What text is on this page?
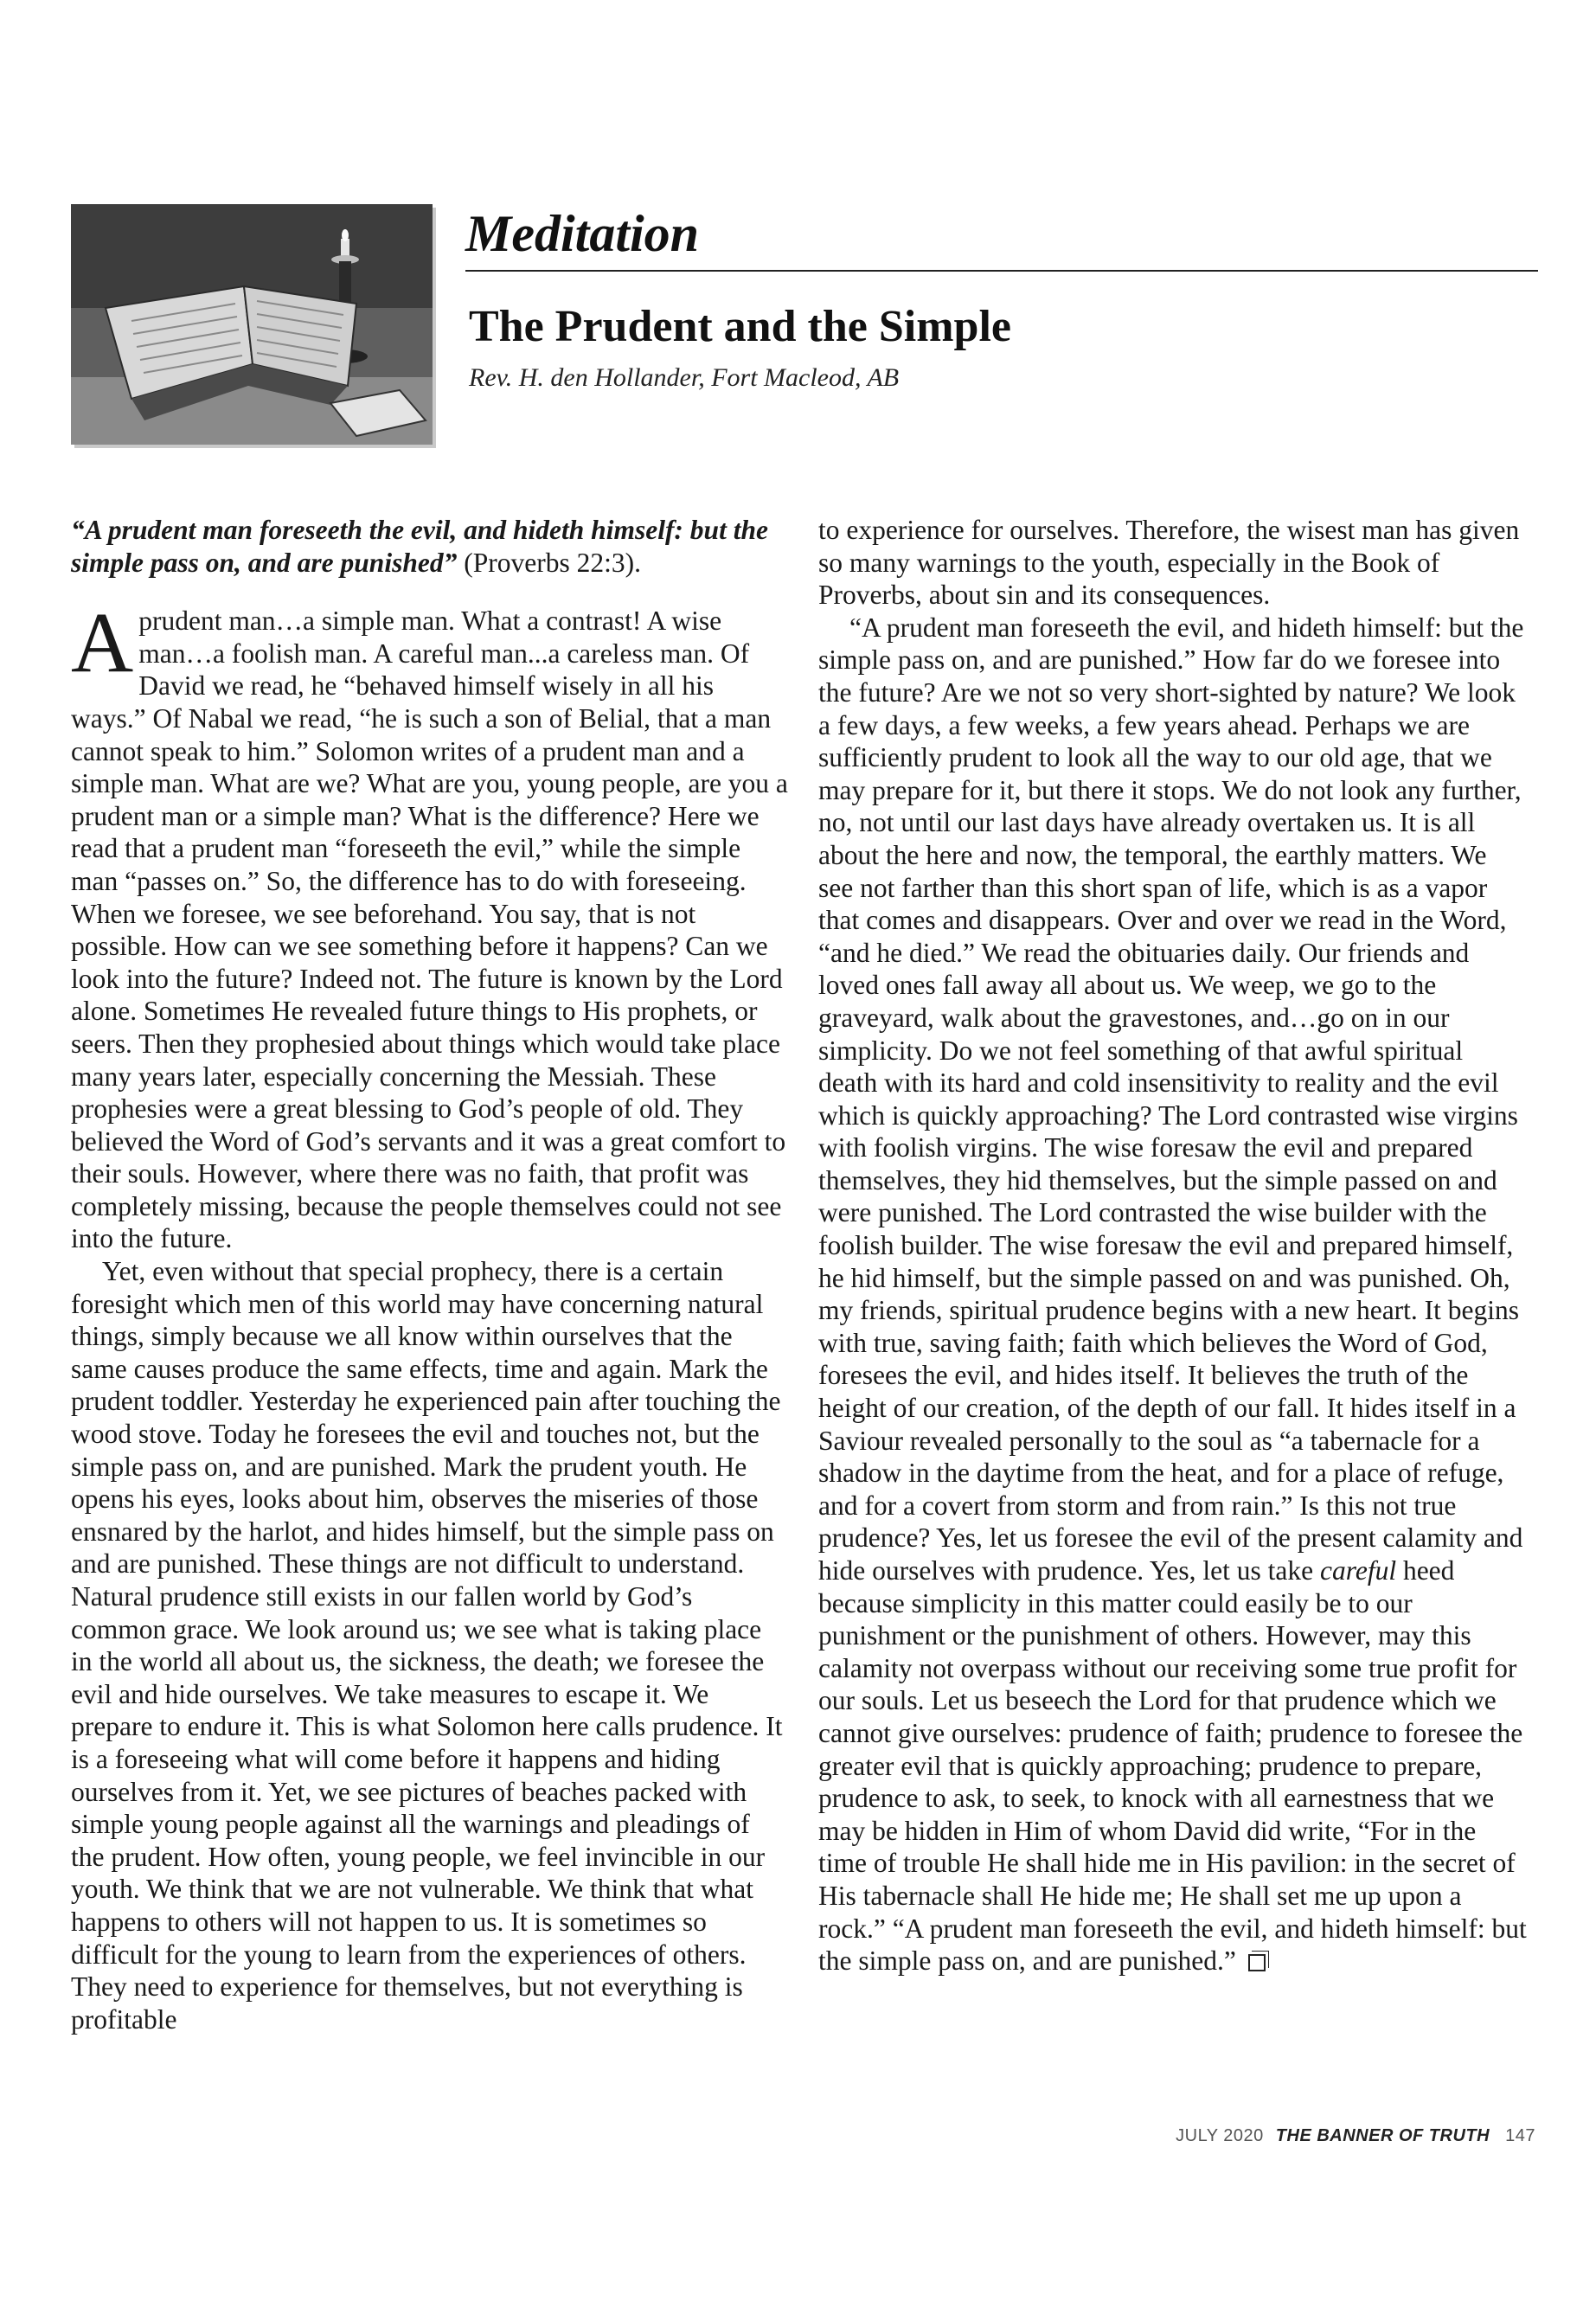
Meditation
The Prudent and the Simple

Rev. H. den Hollander, Fort Macleod, AB

“A prudent man foreseeth the evil, and hideth himself: but the simple pass on, and are punished” (Proverbs 22:3).

A prudent man…a simple man. What a contrast! A wise man…a foolish man. A careful man...a careless man. Of David we read, he “behaved himself wisely in all his ways.” Of Nabal we read, “he is such a son of Belial, that a man cannot speak to him.” Solomon writes of a prudent man and a simple man. What are we? What are you, young people, are you a prudent man or a simple man? What is the difference? Here we read that a prudent man “foreseeth the evil,” while the simple man “passes on.” So, the difference has to do with foreseeing. When we foresee, we see beforehand. You say, that is not possible. How can we see something before it happens? Can we look into the future? Indeed not. The future is known by the Lord alone. Sometimes He revealed future things to His prophets, or seers. Then they prophesied about things which would take place many years later, especially concerning the Messiah. These prophesies were a great blessing to God’s people of old. They believed the Word of God’s servants and it was a great comfort to their souls. However, where there was no faith, that profit was completely missing, because the people themselves could not see into the future.

Yet, even without that special prophecy, there is a certain foresight which men of this world may have concerning natural things, simply because we all know within ourselves that the same causes produce the same effects, time and again. Mark the prudent toddler. Yesterday he experienced pain after touching the wood stove. Today he foresees the evil and touches not, but the simple pass on, and are punished. Mark the prudent youth. He opens his eyes, looks about him, observes the miseries of those ensnared by the harlot, and hides himself, but the simple pass on and are punished. These things are not difficult to understand. Natural prudence still exists in our fallen world by God’s common grace. We look around us; we see what is taking place in the world all about us, the sickness, the death; we foresee the evil and hide ourselves. We take measures to escape it. We prepare to endure it. This is what Solomon here calls prudence. It is a foreseeing what will come before it happens and hiding ourselves from it. Yet, we see pictures of beaches packed with simple young people against all the warnings and pleadings of the prudent. How often, young people, we feel invincible in our youth. We think that we are not vulnerable. We think that what happens to others will not happen to us. It is sometimes so difficult for the young to learn from the experiences of others. They need to experience for themselves, but not everything is profitable

to experience for ourselves. Therefore, the wisest man has given so many warnings to the youth, especially in the Book of Proverbs, about sin and its consequences.

“A prudent man foreseeth the evil, and hideth himself: but the simple pass on, and are punished.” How far do we foresee into the future? Are we not so very short-sighted by nature? We look a few days, a few weeks, a few years ahead. Perhaps we are sufficiently prudent to look all the way to our old age, that we may prepare for it, but there it stops. We do not look any further, no, not until our last days have already overtaken us. It is all about the here and now, the temporal, the earthly matters. We see not farther than this short span of life, which is as a vapor that comes and disappears. Over and over we read in the Word, “and he died.” We read the obituaries daily. Our friends and loved ones fall away all about us. We weep, we go to the graveyard, walk about the gravestones, and…go on in our simplicity. Do we not feel something of that awful spiritual death with its hard and cold insensitivity to reality and the evil which is quickly approaching? The Lord contrasted wise virgins with foolish virgins. The wise foresaw the evil and prepared themselves, they hid themselves, but the simple passed on and were punished. The Lord contrasted the wise builder with the foolish builder. The wise foresaw the evil and prepared himself, he hid himself, but the simple passed on and was punished. Oh, my friends, spiritual prudence begins with a new heart. It begins with true, saving faith; faith which believes the Word of God, foresees the evil, and hides itself. It believes the truth of the height of our creation, of the depth of our fall. It hides itself in a Saviour revealed personally to the soul as “a tabernacle for a shadow in the daytime from the heat, and for a place of refuge, and for a covert from storm and from rain.” Is this not true prudence? Yes, let us foresee the evil of the present calamity and hide ourselves with prudence. Yes, let us take careful heed because simplicity in this matter could easily be to our punishment or the punishment of others. However, may this calamity not overpass without our receiving some true profit for our souls. Let us beseech the Lord for that prudence which we cannot give ourselves: prudence of faith; prudence to foresee the greater evil that is quickly approaching; prudence to prepare, prudence to ask, to seek, to knock with all earnestness that we may be hidden in Him of whom David did write, “For in the time of trouble He shall hide me in His pavilion: in the secret of His tabernacle shall He hide me; He shall set me up upon a rock.” “A prudent man foreseeth the evil, and hideth himself: but the simple pass on, and are punished.”

JULY 2020 THE BANNER OF TRUTH 147
